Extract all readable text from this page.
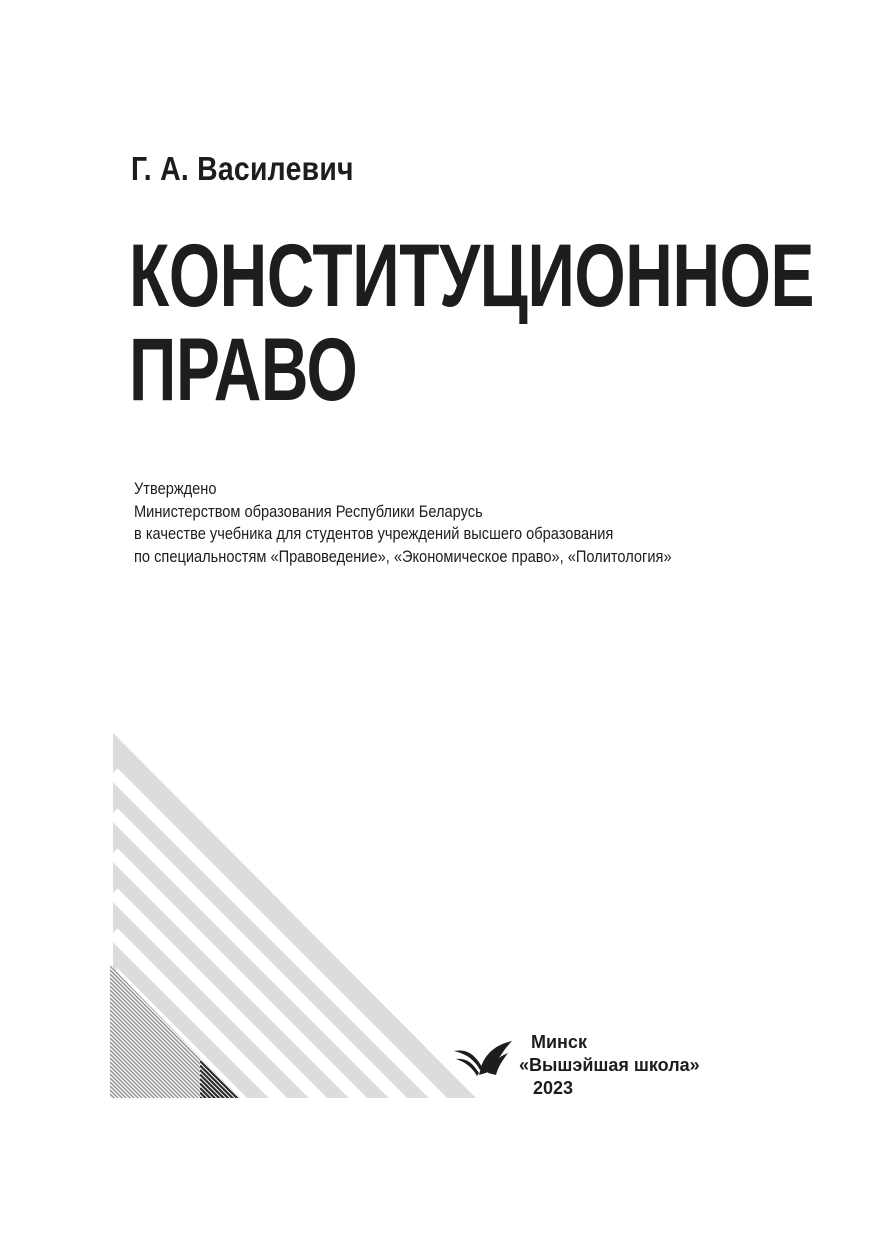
Г. А. Василевич
КОНСТИТУЦИОННОЕ
ПРАВО
Утверждено
Министерством образования Республики Беларусь
в качестве учебника для студентов учреждений высшего образования
по специальностям «Правоведение», «Экономическое право», «Политология»
Минск
«Вышэйшая школа»
2023
